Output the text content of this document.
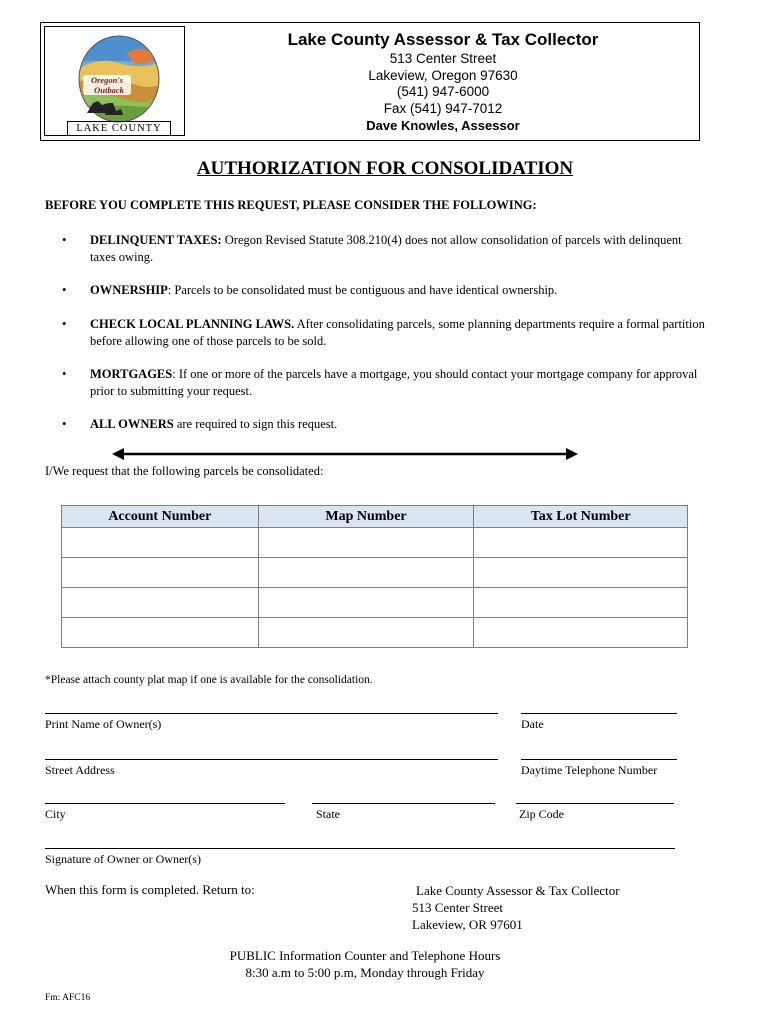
Oregon's
Outback
LAKE COUNTY
Lake County Assessor & Tax Collector
513 Center Street
Lakeview, Oregon 97630
(541) 947-6000
Fax (541) 947-7012
Dave Knowles, Assessor
AUTHORIZATION FOR CONSOLIDATION
BEFORE YOU COMPLETE THIS REQUEST, PLEASE CONSIDER THE FOLLOWING:
• DELINQUENT TAXES: Oregon Revised Statute 308.210(4) does not allow consolidation of parcels with delinquent taxes owing.
• OWNERSHIP: Parcels to be consolidated must be contiguous and have identical ownership.
• CHECK LOCAL PLANNING LAWS. After consolidating parcels, some planning departments require a formal partition before allowing one of those parcels to be sold.
• MORTGAGES: If one or more of the parcels have a mortgage, you should contact your mortgage company for approval prior to submitting your request.
• ALL OWNERS are required to sign this request.
I/We request that the following parcels be consolidated:
Account Number	Map Number	Tax Lot Number

*Please attach county plat map if one is available for the consolidation.
Print Name of Owner(s)	Date
Street Address	Daytime Telephone Number
City	State	Zip Code
Signature of Owner or Owner(s)
When this form is completed. Return to:	Lake County Assessor & Tax Collector
513 Center Street
Lakeview, OR 97601
PUBLIC Information Counter and Telephone Hours
8:30 a.m to 5:00 p.m, Monday through Friday
Fm: AFC16
